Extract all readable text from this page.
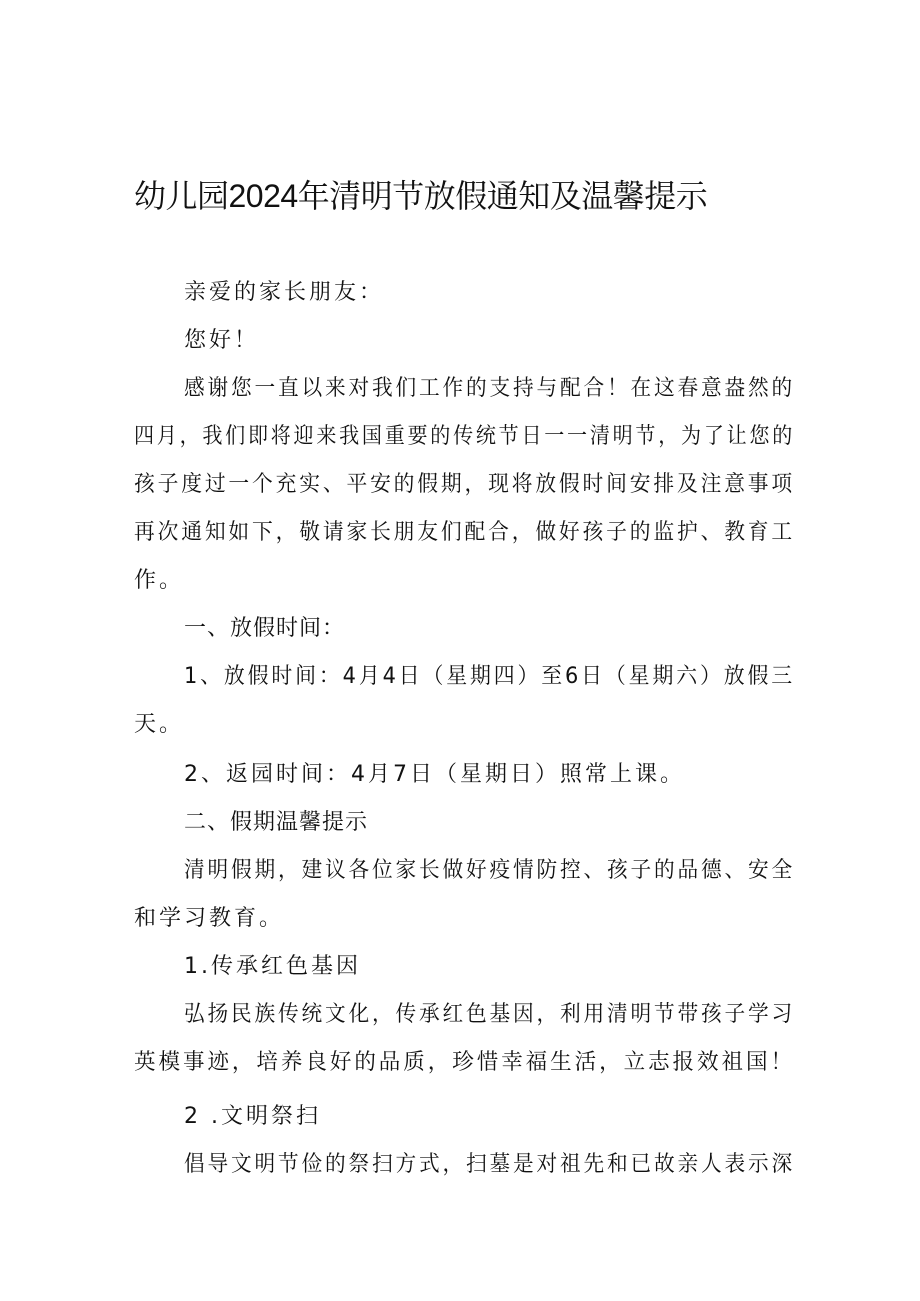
幼儿园2024年清明节放假通知及温馨提示
亲爱的家长朋友：
您好！
感谢您一直以来对我们工作的支持与配合！在这春意盎然的
四月，我们即将迎来我国重要的传统节日一一清明节，为了让您的
孩子度过一个充实、平安的假期，现将放假时间安排及注意事项
再次通知如下，敬请家长朋友们配合，做好孩子的监护、教育工
作。
一、放假时间：
1、放假时间：4月4日（星期四）至6日（星期六）放假三
天。
2、返园时间：4月7日（星期日）照常上课。
二、假期温馨提示
清明假期，建议各位家长做好疫情防控、孩子的品德、安全
和学习教育。
1.传承红色基因
弘扬民族传统文化，传承红色基因，利用清明节带孩子学习
英模事迹，培养良好的品质，珍惜幸福生活，立志报效祖国！
2 .文明祭扫
倡导文明节俭的祭扫方式，扫墓是对祖先和已故亲人表示深
